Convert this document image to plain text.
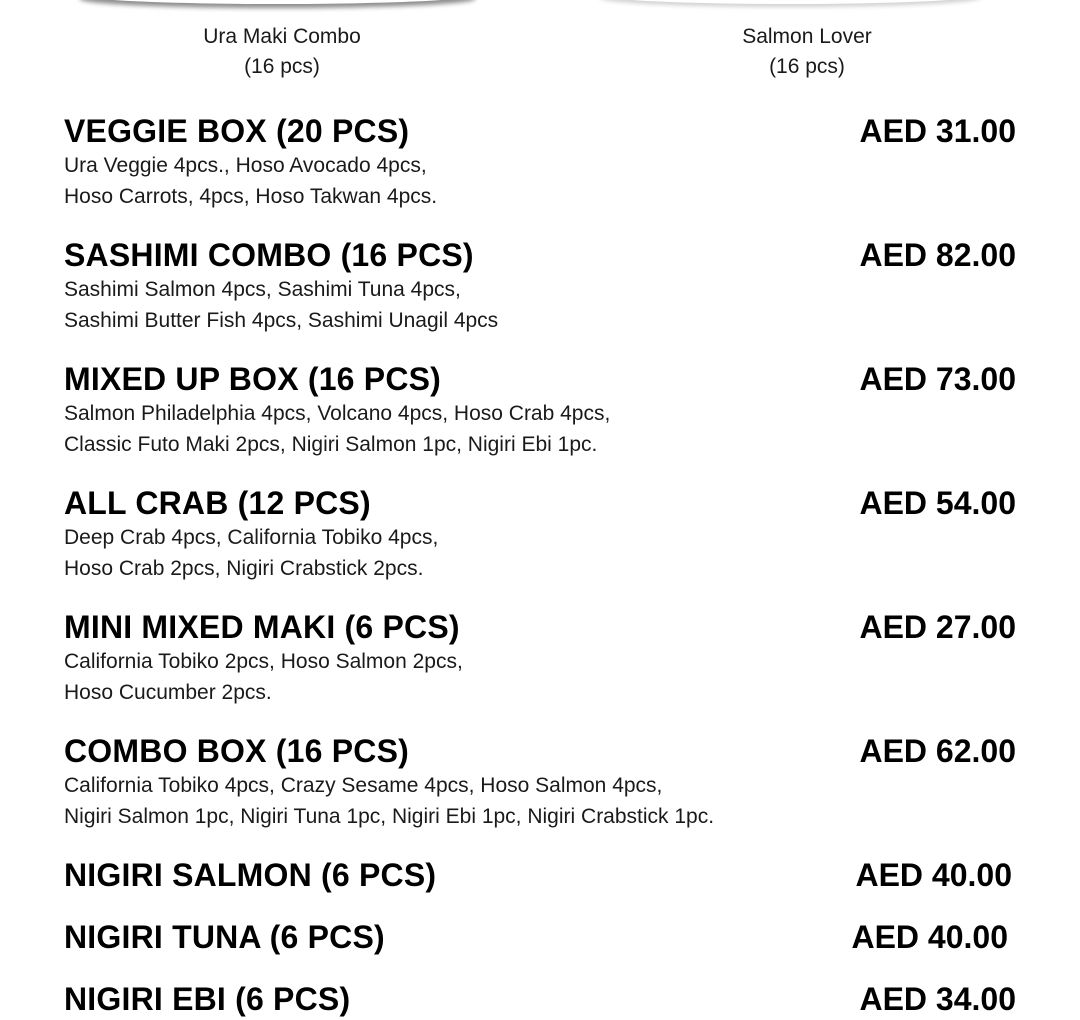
Ura Maki Combo
(16 pcs)
Salmon Lover
(16 pcs)
VEGGIE BOX (20 PCS)	AED 31.00
Ura Veggie 4pcs., Hoso Avocado 4pcs,
Hoso Carrots, 4pcs, Hoso Takwan 4pcs.
SASHIMI COMBO (16 PCS)	AED 82.00
Sashimi Salmon 4pcs, Sashimi Tuna 4pcs,
Sashimi Butter Fish 4pcs, Sashimi Unagil 4pcs
MIXED UP BOX (16 PCS)	AED 73.00
Salmon Philadelphia 4pcs, Volcano 4pcs, Hoso Crab 4pcs,
Classic Futo Maki 2pcs, Nigiri Salmon 1pc, Nigiri Ebi 1pc.
ALL CRAB (12 PCS)	AED 54.00
Deep Crab 4pcs, California Tobiko 4pcs,
Hoso Crab 2pcs, Nigiri Crabstick 2pcs.
MINI MIXED MAKI (6 PCS)	AED 27.00
California Tobiko 2pcs, Hoso Salmon 2pcs,
Hoso Cucumber 2pcs.
COMBO BOX (16 PCS)	AED 62.00
California Tobiko 4pcs, Crazy Sesame 4pcs, Hoso Salmon 4pcs,
Nigiri Salmon 1pc, Nigiri Tuna 1pc, Nigiri Ebi 1pc, Nigiri Crabstick 1pc.
NIGIRI SALMON (6 PCS)	AED 40.00
NIGIRI TUNA (6 PCS)	AED 40.00
NIGIRI EBI (6 PCS)	AED 34.00
